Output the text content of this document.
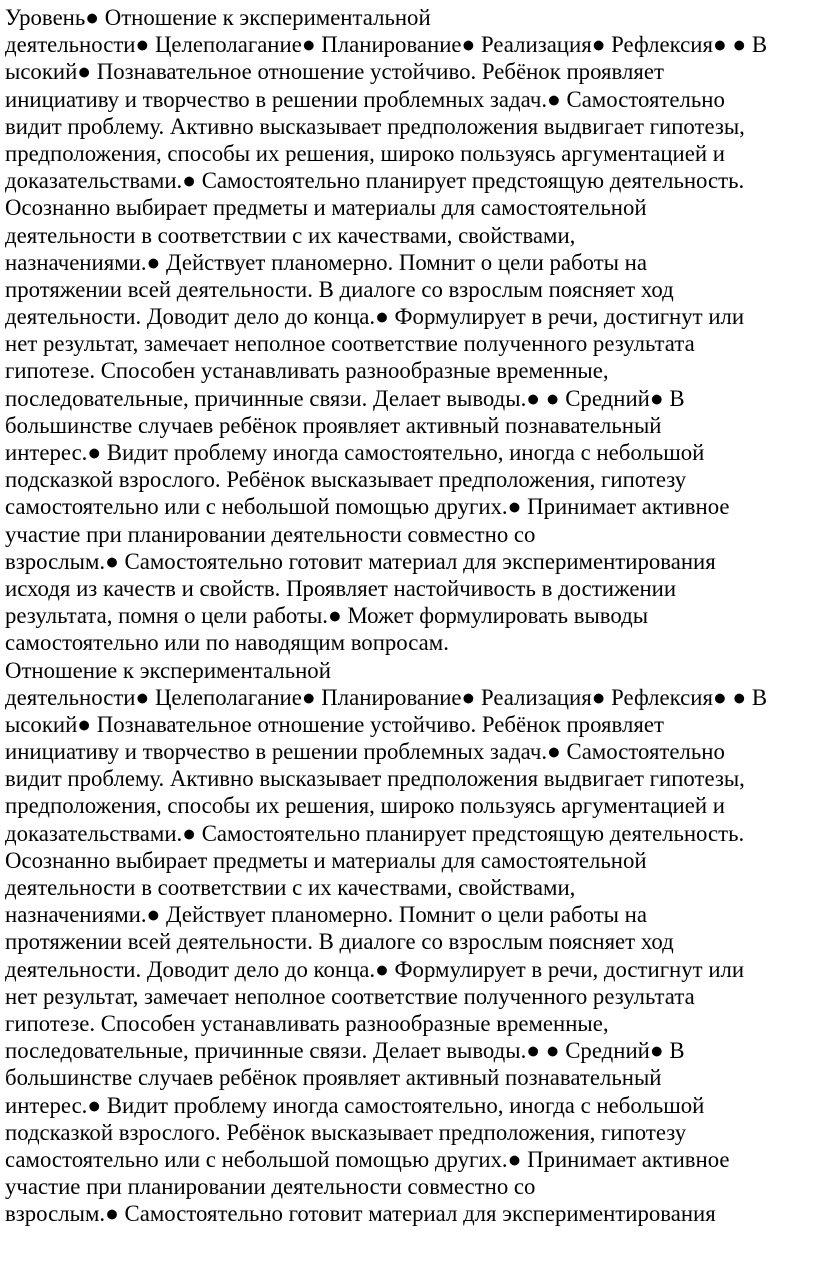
Уровень● Отношение к экспериментальной
деятельности● Целеполагание● Планирование● Реализация● Рефлексия● ● В
ысокий● Познавательное отношение устойчиво. Ребёнок проявляет
инициативу и творчество в решении проблемных задач.● Самостоятельно
видит проблему. Активно высказывает предположения выдвигает гипотезы,
предположения, способы их решения, широко пользуясь аргументацией и
доказательствами.● Самостоятельно планирует предстоящую деятельность.
Осознанно выбирает предметы и материалы для самостоятельной
деятельности в соответствии с их качествами, свойствами,
назначениями.● Действует планомерно. Помнит о цели работы на
протяжении всей деятельности. В диалоге со взрослым поясняет ход
деятельности. Доводит дело до конца.● Формулирует в речи, достигнут или
нет результат, замечает неполное соответствие полученного результата
гипотезе. Способен устанавливать разнообразные временные,
последовательные, причинные связи. Делает выводы.● ● Средний● В
большинстве случаев ребёнок проявляет активный познавательный
интерес.● Видит проблему иногда самостоятельно, иногда с небольшой
подсказкой взрослого. Ребёнок высказывает предположения, гипотезу
самостоятельно или с небольшой помощью других.● Принимает активное
участие при планировании деятельности совместно со
взрослым.● Самостоятельно готовит материал для экспериментирования
исходя из качеств и свойств. Проявляет настойчивость в достижении
результата, помня о цели работы.● Может формулировать выводы
самостоятельно или по наводящим вопросам.
Отношение к экспериментальной
деятельности● Целеполагание● Планирование● Реализация● Рефлексия● ● В
ысокий● Познавательное отношение устойчиво. Ребёнок проявляет
инициативу и творчество в решении проблемных задач.● Самостоятельно
видит проблему. Активно высказывает предположения выдвигает гипотезы,
предположения, способы их решения, широко пользуясь аргументацией и
доказательствами.● Самостоятельно планирует предстоящую деятельность.
Осознанно выбирает предметы и материалы для самостоятельной
деятельности в соответствии с их качествами, свойствами,
назначениями.● Действует планомерно. Помнит о цели работы на
протяжении всей деятельности. В диалоге со взрослым поясняет ход
деятельности. Доводит дело до конца.● Формулирует в речи, достигнут или
нет результат, замечает неполное соответствие полученного результата
гипотезе. Способен устанавливать разнообразные временные,
последовательные, причинные связи. Делает выводы.● ● Средний● В
большинстве случаев ребёнок проявляет активный познавательный
интерес.● Видит проблему иногда самостоятельно, иногда с небольшой
подсказкой взрослого. Ребёнок высказывает предположения, гипотезу
самостоятельно или с небольшой помощью других.● Принимает активное
участие при планировании деятельности совместно со
взрослым.● Самостоятельно готовит материал для экспериментирования
